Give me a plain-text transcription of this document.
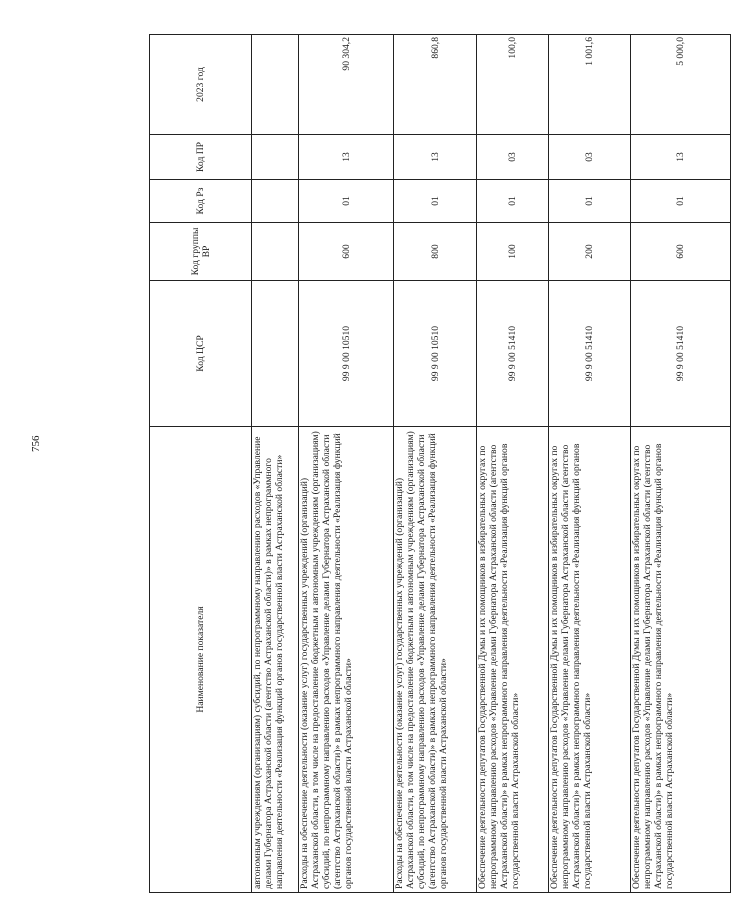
756
Наименование показателя	Код ЦСР	Код группы ВР	Код Рз	Код ПР	2023 год
автономным учреждениям (организациям) субсидий, по непрограммному направлению расходов «Управление делами Губернатора Астраханской области (агентство Астраханской области)» в рамках непрограммного направления деятельности «Реализация функций органов государственной власти Астраханской области»					
Расходы на обеспечение деятельности (оказание услуг) государственных учреждений (организаций) Астраханской области, в том числе на предоставление бюджетным и автономным учреждениям (организациям) субсидий, по непрограммному направлению расходов «Управление делами Губернатора Астраханской области (агентство Астраханской области)» в рамках непрограммного направления деятельности «Реализация функций органов государственной власти Астраханской области»	99 9 00 10510	600	01	13	90 304,2
Расходы на обеспечение деятельности (оказание услуг) государственных учреждений (организаций) Астраханской области, в том числе на предоставление бюджетным и автономным учреждениям (организациям) субсидий, по непрограммному направлению расходов «Управление делами Губернатора Астраханской области (агентство Астраханской области)» в рамках непрограммного направления деятельности «Реализация функций органов государственной власти Астраханской области»	99 9 00 10510	800	01	13	860,8
Обеспечение деятельности депутатов Государственной Думы и их помощников в избирательных округах по непрограммному направлению расходов «Управление делами Губернатора Астраханской области (агентство Астраханской области)» в рамках непрограммного направления деятельности «Реализация функций органов государственной власти Астраханской области»	99 9 00 51410	100	01	03	100,0
Обеспечение деятельности депутатов Государственной Думы и их помощников в избирательных округах по непрограммному направлению расходов «Управление делами Губернатора Астраханской области (агентство Астраханской области)» в рамках непрограммного направления деятельности «Реализация функций органов государственной власти Астраханской области»	99 9 00 51410	200	01	03	1 001,6
Обеспечение деятельности депутатов Государственной Думы и их помощников в избирательных округах по непрограммному направлению расходов «Управление делами Губернатора Астраханской области (агентство Астраханской области)» в рамках непрограммного направления деятельности «Реализация функций органов государственной власти Астраханской области»	99 9 00 51410	600	01	13	5 000,0
